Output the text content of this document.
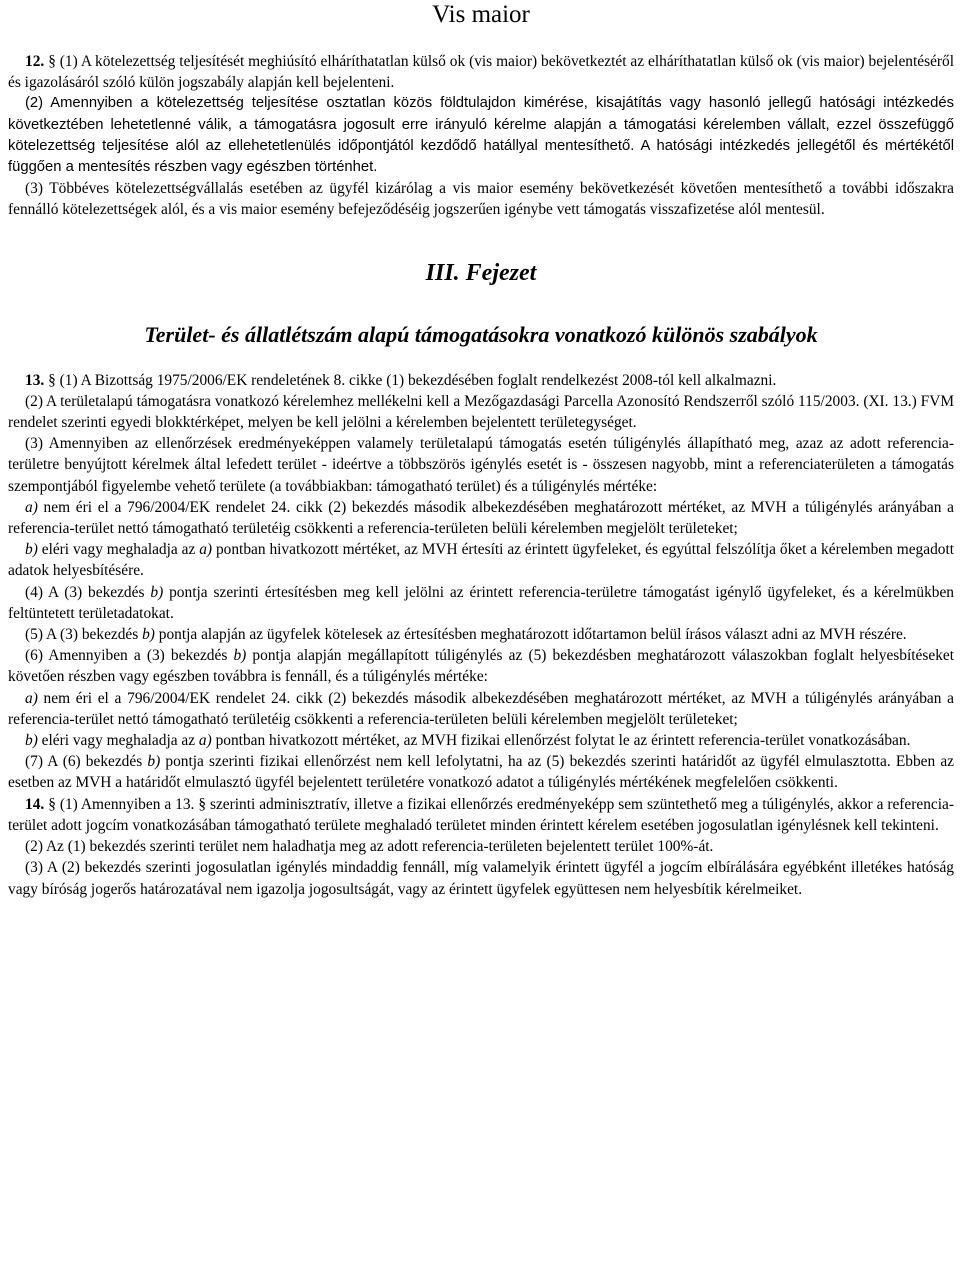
Vis maior

12. § (1) A kötelezettség teljesítését meghiúsító elháríthatatlan külső ok (vis maior) bekövetkeztét az elháríthatatlan külső ok (vis maior) bejelentéséről és igazolásáról szóló külön jogszabály alapján kell bejelenteni.

(2) Amennyiben a kötelezettség teljesítése osztatlan közös földtulajdon kimérése, kisajátítás vagy hasonló jellegű hatósági intézkedés következtében lehetetlenné válik, a támogatásra jogosult erre irányuló kérelme alapján a támogatási kérelemben vállalt, ezzel összefüggő kötelezettség teljesítése alól az ellehetetlenülés időpontjától kezdődő hatállyal mentesíthető. A hatósági intézkedés jellegétől és mértékétől függően a mentesítés részben vagy egészben történhet.

(3) Többéves kötelezettségvállalás esetében az ügyfél kizárólag a vis maior esemény bekövetkezését követően mentesíthető a további időszakra fennálló kötelezettségek alól, és a vis maior esemény befejeződéséig jogszerűen igénybe vett támogatás visszafizetése alól mentesül.

III. Fejezet
Terület- és állatlétszám alapú támogatásokra vonatkozó különös szabályok

13. § (1) A Bizottság 1975/2006/EK rendeletének 8. cikke (1) bekezdésében foglalt rendelkezést 2008-tól kell alkalmazni.

(2) A területalapú támogatásra vonatkozó kérelemhez mellékelni kell a Mezőgazdasági Parcella Azonosító Rendszerről szóló 115/2003. (XI. 13.) FVM rendelet szerinti egyedi blokktérképet, melyen be kell jelölni a kérelemben bejelentett területegységet.

(3) Amennyiben az ellenőrzések eredményeképpen valamely területalapú támogatás esetén túligénylés állapítható meg, azaz az adott referencia-területre benyújtott kérelmek által lefedett terület - ideértve a többszörös igénylés esetét is - összesen nagyobb, mint a referenciaterületen a támogatás szempontjából figyelembe vehető területe (a továbbiakban: támogatható terület) és a túligénylés mértéke:

a) nem éri el a 796/2004/EK rendelet 24. cikk (2) bekezdés második albekezdésében meghatározott mértéket, az MVH a túligénylés arányában a referencia-terület nettó támogatható területéig csökkenti a referencia-területen belüli kérelemben megjelölt területeket;

b) eléri vagy meghaladja az a) pontban hivatkozott mértéket, az MVH értesíti az érintett ügyfeleket, és egyúttal felszólítja őket a kérelemben megadott adatok helyesbítésére.

(4) A (3) bekezdés b) pontja szerinti értesítésben meg kell jelölni az érintett referencia-területre támogatást igénylő ügyfeleket, és a kérelmükben feltüntetett területadatokat.

(5) A (3) bekezdés b) pontja alapján az ügyfelek kötelesek az értesítésben meghatározott időtartamon belül írásos választ adni az MVH részére.

(6) Amennyiben a (3) bekezdés b) pontja alapján megállapított túligénylés az (5) bekezdésben meghatározott válaszokban foglalt helyesbítéseket követően részben vagy egészben továbbra is fennáll, és a túligénylés mértéke:

a) nem éri el a 796/2004/EK rendelet 24. cikk (2) bekezdés második albekezdésében meghatározott mértéket, az MVH a túligénylés arányában a referencia-terület nettó támogatható területéig csökkenti a referencia-területen belüli kérelemben megjelölt területeket;

b) eléri vagy meghaladja az a) pontban hivatkozott mértéket, az MVH fizikai ellenőrzést folytat le az érintett referencia-terület vonatkozásában.

(7) A (6) bekezdés b) pontja szerinti fizikai ellenőrzést nem kell lefolytatni, ha az (5) bekezdés szerinti határidőt az ügyfél elmulasztotta. Ebben az esetben az MVH a határidőt elmulasztó ügyfél bejelentett területére vonatkozó adatot a túligénylés mértékének megfelelően csökkenti.

14. § (1) Amennyiben a 13. § szerinti adminisztratív, illetve a fizikai ellenőrzés eredményeképp sem szüntethető meg a túligénylés, akkor a referencia-terület adott jogcím vonatkozásában támogatható területe meghaladó területet minden érintett kérelem esetében jogosulatlan igénylésnek kell tekinteni.

(2) Az (1) bekezdés szerinti terület nem haladhatja meg az adott referencia-területen bejelentett terület 100%-át.

(3) A (2) bekezdés szerinti jogosulatlan igénylés mindaddig fennáll, míg valamelyik érintett ügyfél a jogcím elbírálására egyébként illetékes hatóság vagy bíróság jogerős határozatával nem igazolja jogosultságát, vagy az érintett ügyfelek együttesen nem helyesbítik kérelmeiket.
